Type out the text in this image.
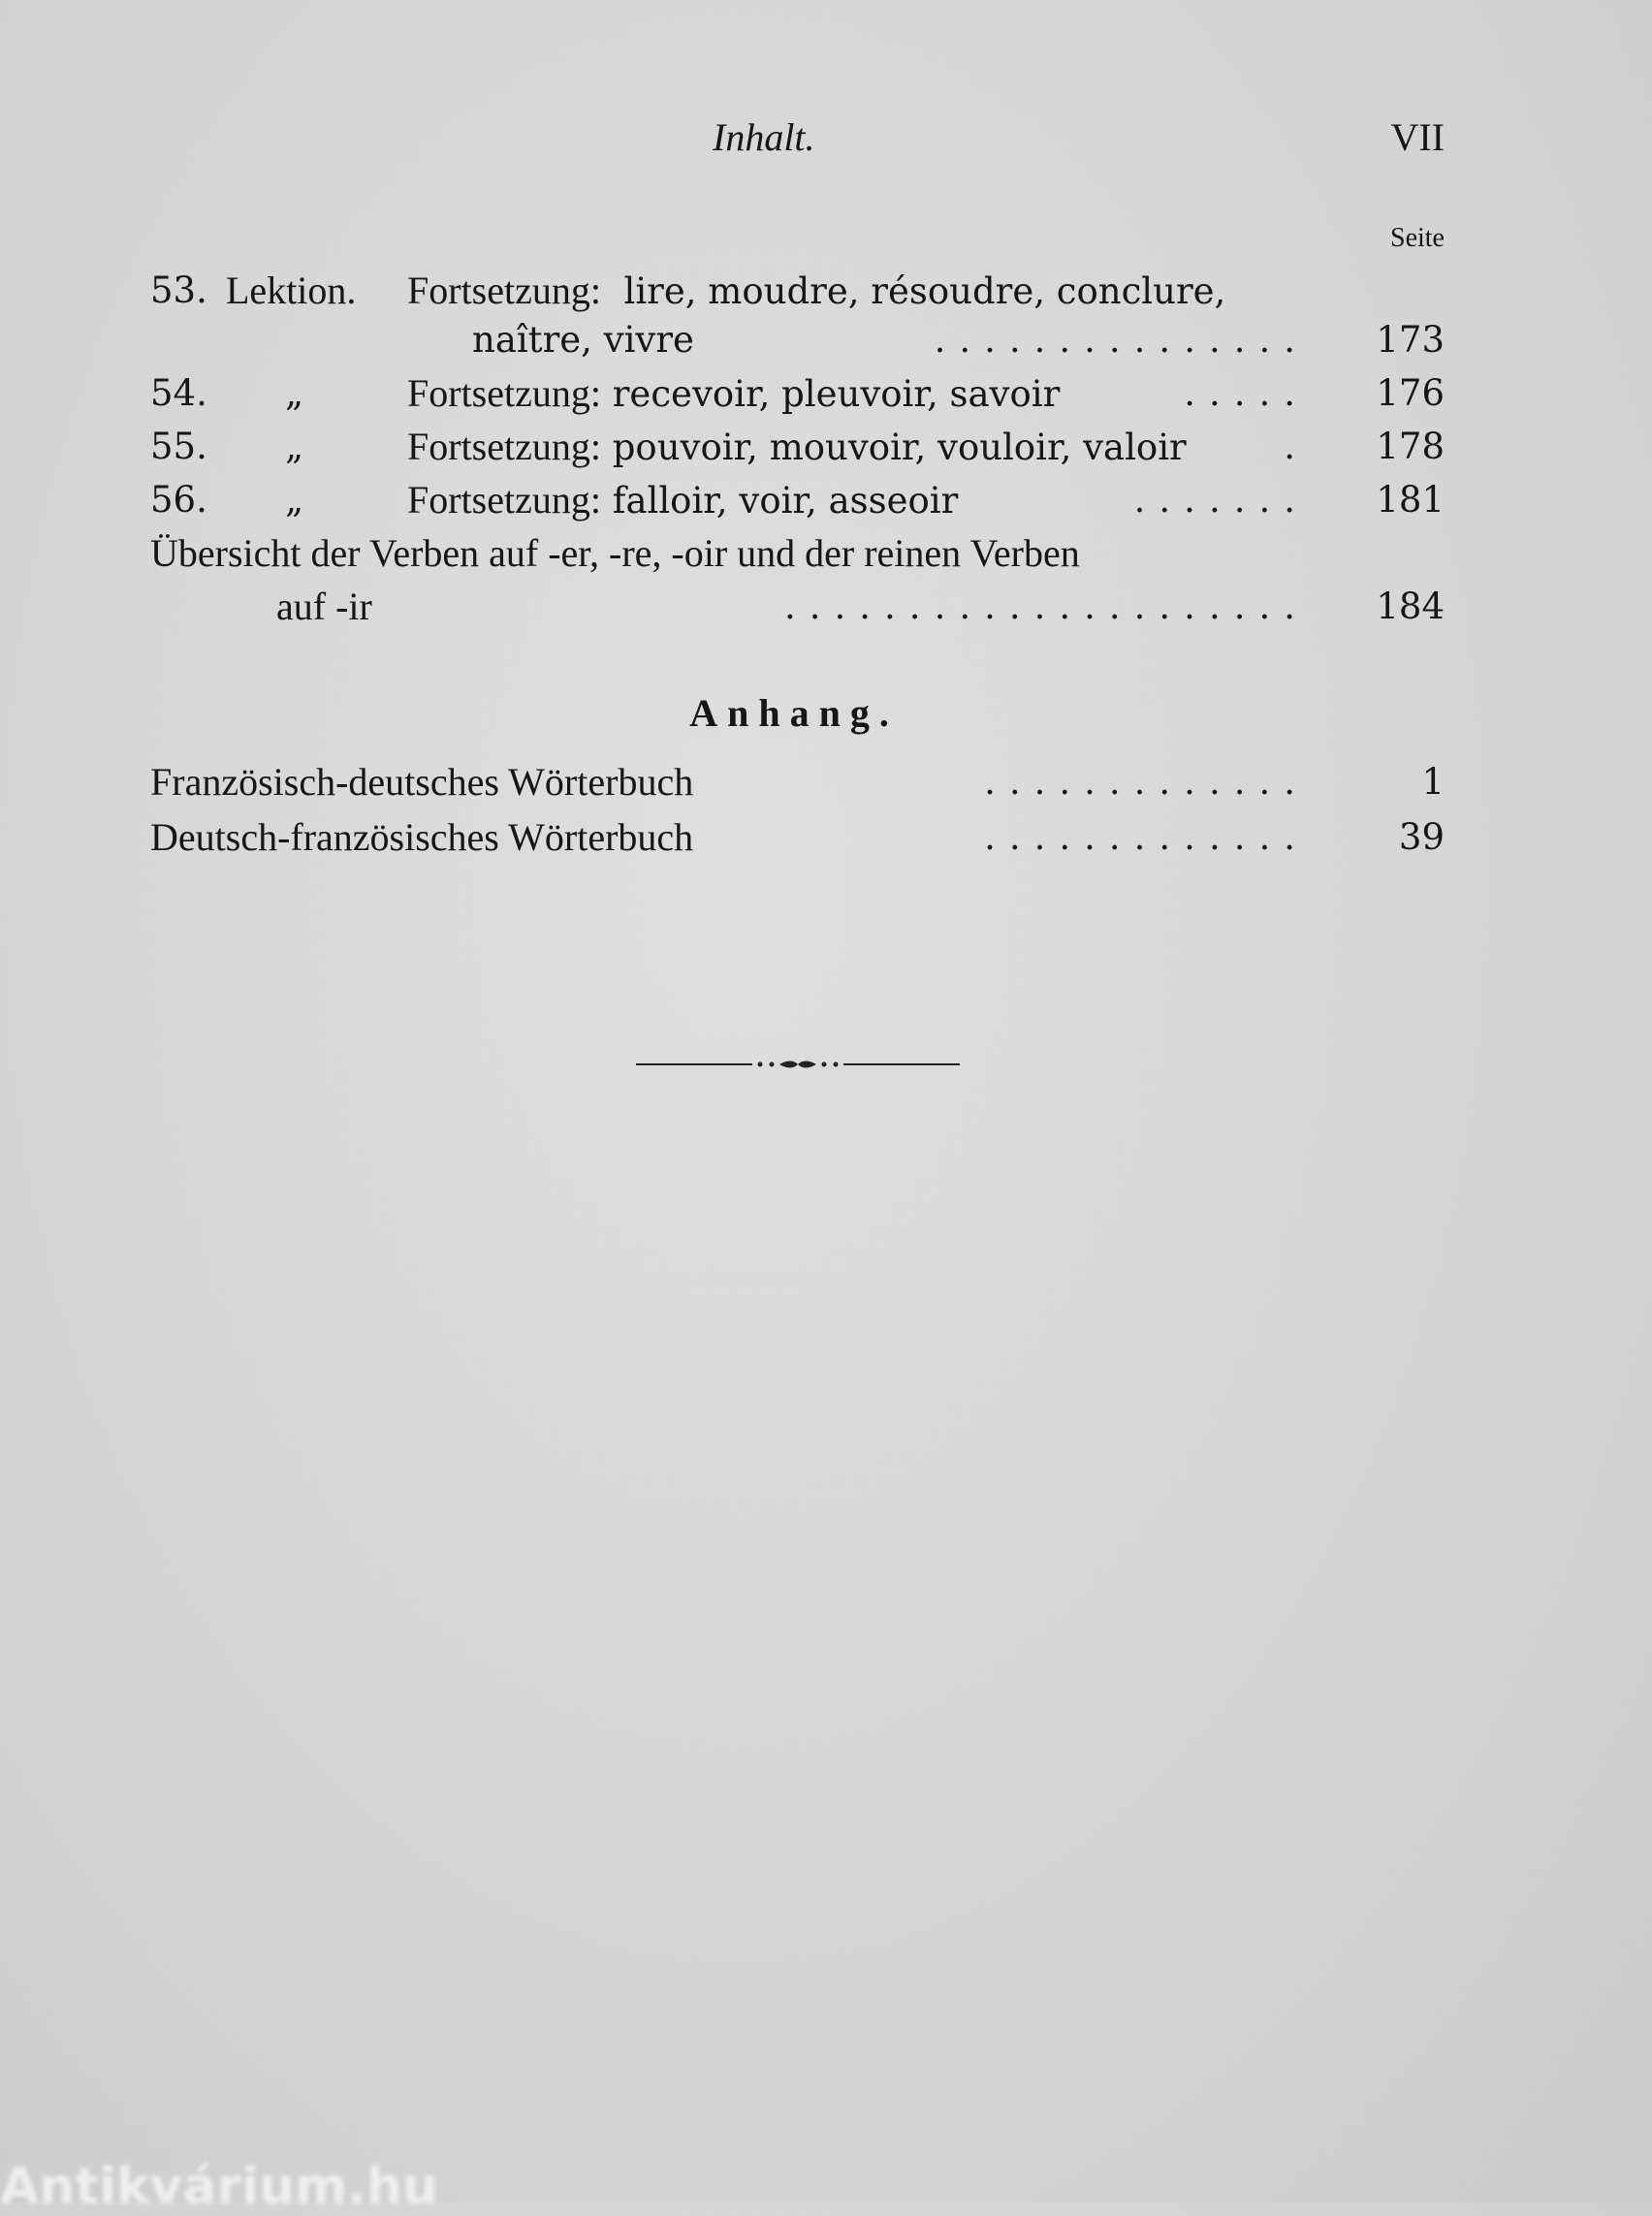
Inhalt.	VII
Seite
53. Lektion. Fortsetzung: lire, moudre, résoudre, conclure,
naître, vivre	............... 173
54. „	Fortsetzung: recevoir, pleuvoir, savoir	..... 176
55. „	Fortsetzung: pouvoir, mouvoir, vouloir, valoir	. 178
56. „	Fortsetzung: falloir, voir, asseoir	....... 181
Übersicht der Verben auf -er, -re, -oir und der reinen Verben
auf -ir	..................... 184
Anhang.
Französisch-deutsches Wörterbuch	.............	1
Deutsch-französisches Wörterbuch	.............	39
Antikvárium.hu
